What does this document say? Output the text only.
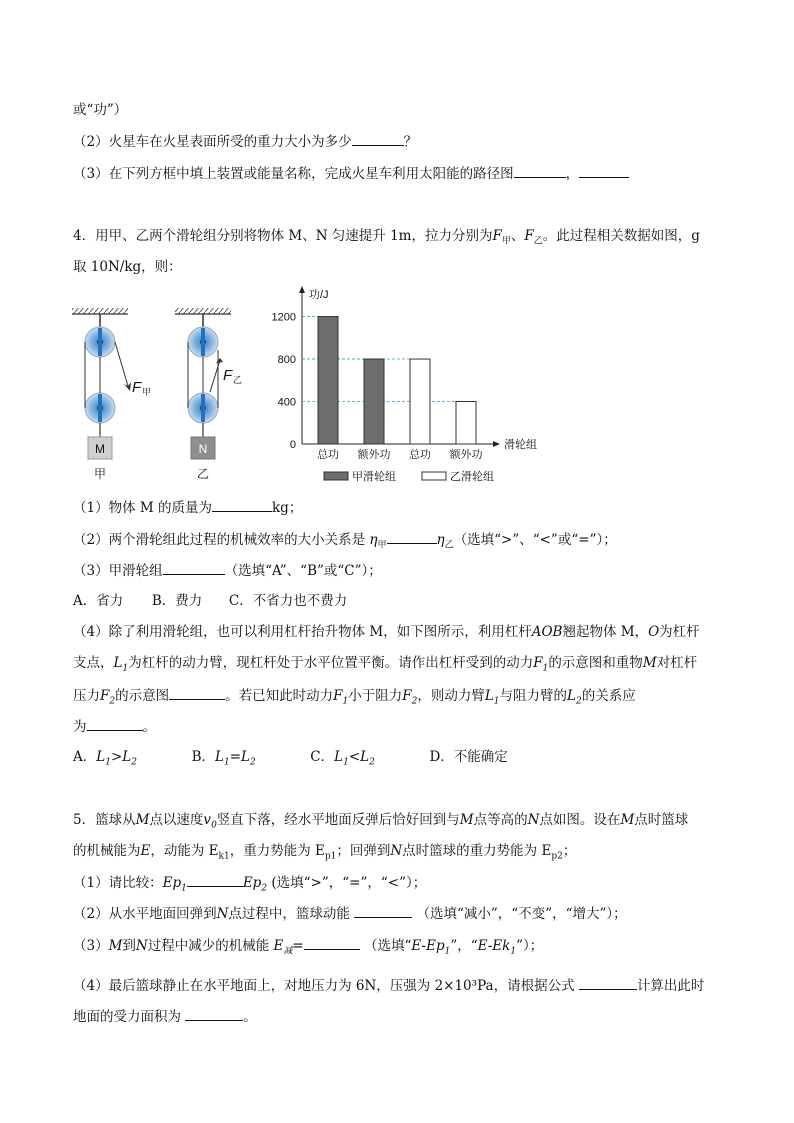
或“功”）
（2）火星车在火星表面所受的重力大小为多少	？
（3）在下列方框中填上装置或能量名称，完成火星车利用太阳能的路径图	，
4．用甲、乙两个滑轮组分别将物体 M、N 匀速提升 1m，拉力分别为$F_甲$、$F_乙$。此过程相关数据如图，g
取 10N/kg，则：
F 甲
M
甲
F 乙
N
乙
功/J
滑轮组
0
400
800
1200
总功 额外功 总功 额外功
甲滑轮组	乙滑轮组
（1）物体 M 的质量为	kg；
（2）两个滑轮组此过程的机械效率的大小关系是 $\eta_甲$	$\eta_乙$（选填“>”、“<”或“=”）；
（3）甲滑轮组	（选填“A”、“B”或“C”）；
A．省力 B．费力 C．不省力也不费力
（4）除了利用滑轮组，也可以利用杠杆抬升物体 M，如下图所示，利用杠杆AOB翘起物体 M，O为杠杆
支点，$L_1$为杠杆的动力臂，现杠杆处于水平位置平衡。请作出杠杆受到的动力$F_1$的示意图和重物M对杠杆
压力$F_2$的示意图	。若已知此时动力$F_1$小于阻力$F_2$，则动力臂$L_1$与阻力臂的$L_2$的关系应
为	。
A．$L_1>L_2$	B．$L_1=L_2$	C．$L_1<L_2$	D．不能确定
5．篮球从M点以速度$v_0$竖直下落，经水平地面反弹后恰好回到与M点等高的N点如图。设在M点时篮球
的机械能为E，动能为 $E_{k1}$，重力势能为 $E_{p1}$；回弹到N点时篮球的重力势能为 $E_{p2}$；
（1）请比较：$Ep_1$	$Ep_2$ (选填“>”，“=”，“<”）；
（2）从水平地面回弹到N点过程中，篮球动能	（选填“减小”，“不变”，“增大”）；
（3）M到N过程中减少的机械能 $E_减=$	（选填“$E-Ep_1$”，“$E-Ek_1$”）；
（4）最后篮球静止在水平地面上，对地压力为 6N，压强为 2×10³Pa，请根据公式	计算出此时
地面的受力面积为	。
